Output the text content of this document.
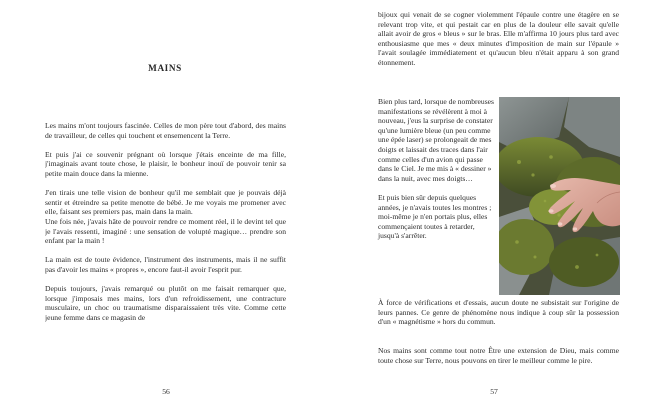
MAINS

Les mains m'ont toujours fascinée. Celles de mon père tout d'abord, des mains de travailleur, de celles qui touchent et ensemencent la Terre.

Et puis j'ai ce souvenir prégnant où lorsque j'étais enceinte de ma fille, j'imaginais avant toute chose, le plaisir, le bonheur inouï de pouvoir tenir sa petite main douce dans la mienne.

J'en tirais une telle vision de bonheur qu'il me semblait que je pouvais déjà sentir et étreindre sa petite menotte de bébé. Je me voyais me promener avec elle, faisant ses premiers pas, main dans la main.

Une fois née, j'avais hâte de pouvoir rendre ce moment réel, il le devint tel que je l'avais ressenti, imaginé : une sensation de volupté magique… prendre son enfant par la main !

La main est de toute évidence, l'instrument des instruments, mais il ne suffit pas d'avoir les mains « propres », encore faut-il avoir l'esprit pur.

Depuis toujours, j'avais remarqué ou plutôt on me faisait remarquer que, lorsque j'imposais mes mains, lors d'un refroidissement, une contracture musculaire, un choc ou traumatisme disparaissaient très vite. Comme cette jeune femme dans ce magasin de

56

bijoux qui venait de se cogner violemment l'épaule contre une étagère en se relevant trop vite, et qui pestait car en plus de la douleur elle savait qu'elle allait avoir de gros « bleus » sur le bras. Elle m'affirma 10 jours plus tard avec enthousiasme que mes « deux minutes d'imposition de main sur l'épaule » l'avait soulagée immédiatement et qu'aucun bleu n'était apparu à son grand étonnement.

Bien plus tard, lorsque de nombreuses manifestations se révélèrent à moi à nouveau, j'eus la surprise de constater qu'une lumière bleue (un peu comme une épée laser) se prolongeait de mes doigts et laissait des traces dans l'air comme celles d'un avion qui passe dans le Ciel. Je me mis à « dessiner » dans la nuit, avec mes doigts…

Et puis bien sûr depuis quelques années, je n'avais toutes les montres ; moi-même je n'en portais plus, elles commençaient toutes à retarder, jusqu'à s'arrêter.

À force de vérifications et d'essais, aucun doute ne subsistait sur l'origine de leurs pannes. Ce genre de phénomène nous indique à coup sûr la possession d'un « magnétisme » hors du commun.

Nos mains sont comme tout notre Être une extension de Dieu, mais comme toute chose sur Terre, nous pouvons en tirer le meilleur comme le pire.

57
